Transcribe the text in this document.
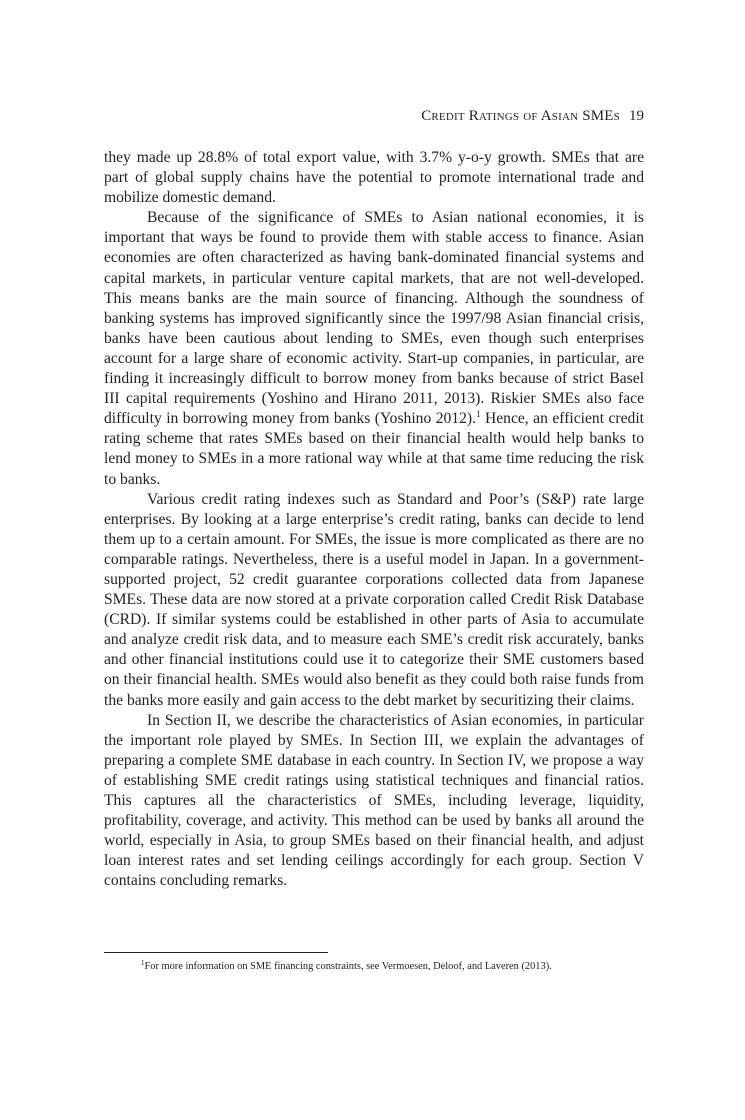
Credit Ratings of Asian SMEs 19

they made up 28.8% of total export value, with 3.7% y-o-y growth. SMEs that are part of global supply chains have the potential to promote international trade and mobilize domestic demand.

Because of the significance of SMEs to Asian national economies, it is important that ways be found to provide them with stable access to finance. Asian economies are often characterized as having bank-dominated financial systems and capital markets, in particular venture capital markets, that are not well-developed. This means banks are the main source of financing. Although the soundness of banking systems has improved significantly since the 1997/98 Asian financial crisis, banks have been cautious about lending to SMEs, even though such enterprises account for a large share of economic activity. Start-up companies, in particular, are finding it increasingly difficult to borrow money from banks because of strict Basel III capital requirements (Yoshino and Hirano 2011, 2013). Riskier SMEs also face difficulty in borrowing money from banks (Yoshino 2012).$^1$ Hence, an efficient credit rating scheme that rates SMEs based on their financial health would help banks to lend money to SMEs in a more rational way while at that same time reducing the risk to banks.

Various credit rating indexes such as Standard and Poor’s (S&P) rate large enterprises. By looking at a large enterprise’s credit rating, banks can decide to lend them up to a certain amount. For SMEs, the issue is more complicated as there are no comparable ratings. Nevertheless, there is a useful model in Japan. In a government-supported project, 52 credit guarantee corporations collected data from Japanese SMEs. These data are now stored at a private corporation called Credit Risk Database (CRD). If similar systems could be established in other parts of Asia to accumulate and analyze credit risk data, and to measure each SME’s credit risk accurately, banks and other financial institutions could use it to categorize their SME customers based on their financial health. SMEs would also benefit as they could both raise funds from the banks more easily and gain access to the debt market by securitizing their claims.

In Section II, we describe the characteristics of Asian economies, in particular the important role played by SMEs. In Section III, we explain the advantages of preparing a complete SME database in each country. In Section IV, we propose a way of establishing SME credit ratings using statistical techniques and financial ratios. This captures all the characteristics of SMEs, including leverage, liquidity, profitability, coverage, and activity. This method can be used by banks all around the world, especially in Asia, to group SMEs based on their financial health, and adjust loan interest rates and set lending ceilings accordingly for each group. Section V contains concluding remarks.

$^1$For more information on SME financing constraints, see Vermoesen, Deloof, and Laveren (2013).
